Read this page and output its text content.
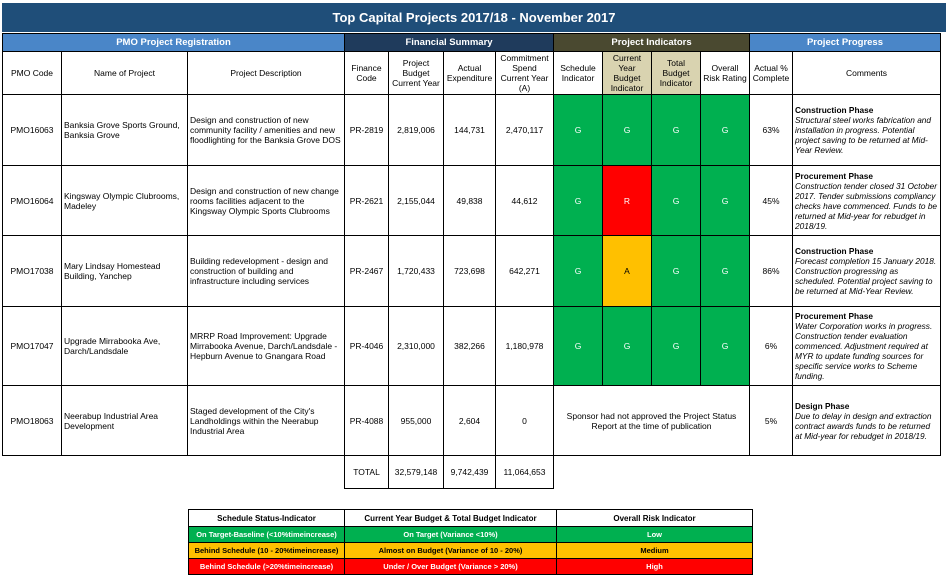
Top Capital Projects 2017/18 - November 2017
PMO Project Registration			Financial Summary				Project Indicators				Project Progress	
PMO Code	Name of Project	Project Description	Finance Code	Project Budget Current Year	Actual Expenditure	Commitment Spend Current Year (A)	Schedule Indicator	Current Year Budget Indicator	Total Budget Indicator	Overall Risk Rating	Actual % Complete	Comments
PMO16063	Banksia Grove Sports Ground, Banksia Grove	Design and construction of new community facility / amenities and new floodlighting for the Banksia Grove DOS	PR-2819	2,819,006	144,731	2,470,117	G	G	G	G	63%	Construction Phase
Structural steel works fabrication and installation in progress. Potential project saving to be returned at Mid-Year Review.
PMO16064	Kingsway Olympic Clubrooms, Madeley	Design and construction of new change rooms facilities adjacent to the Kingsway Olympic Sports Clubrooms	PR-2621	2,155,044	49,838	44,612	G	R	G	G	45%	Procurement Phase
Construction tender closed 31 October 2017. Tender submissions compliancy checks have commenced. Funds to be returned at Mid-year for rebudget in 2018/19.
PMO17038	Mary Lindsay Homestead Building, Yanchep	Building redevelopment - design and construction of building and infrastructure including services	PR-2467	1,720,433	723,698	642,271	G	A	G	G	86%	Construction Phase
Forecast completion 15 January 2018. Construction progressing as scheduled. Potential project saving to be returned at Mid-Year Review.
PMO17047	Upgrade Mirrabooka Ave, Darch/Landsdale	MRRP Road Improvement: Upgrade Mirrabooka Avenue, Darch/Landsdale - Hepburn Avenue to Gnangara Road	PR-4046	2,310,000	382,266	1,180,978	G	G	G	G	6%	Procurement Phase
Water Corporation works in progress. Construction tender evaluation commenced. Adjustment required at MYR to update funding sources for specific service works to Scheme funding.
PMO18063	Neerabup Industrial Area Development	Staged development of the City's Landholdings within the Neerabup Industrial Area	PR-4088	955,000	2,604	0	Sponsor had not approved the Project Status Report at the time of publication				5%	Design Phase
Due to delay in design and extraction contract awards funds to be returned at Mid-year for rebudget in 2018/19.
			TOTAL	32,579,148	9,742,439	11,064,653						
Schedule Status-Indicator	Current Year Budget & Total Budget Indicator	Overall Risk Indicator
On Target-Baseline (<10%timeincrease)	On Target (Variance <10%)	Low
Behind Schedule (10 - 20%timeincrease)	Almost on Budget (Variance of 10 - 20%)	Medium
Behind Schedule (>20%timeincrease)	Under / Over Budget (Variance > 20%)	High
